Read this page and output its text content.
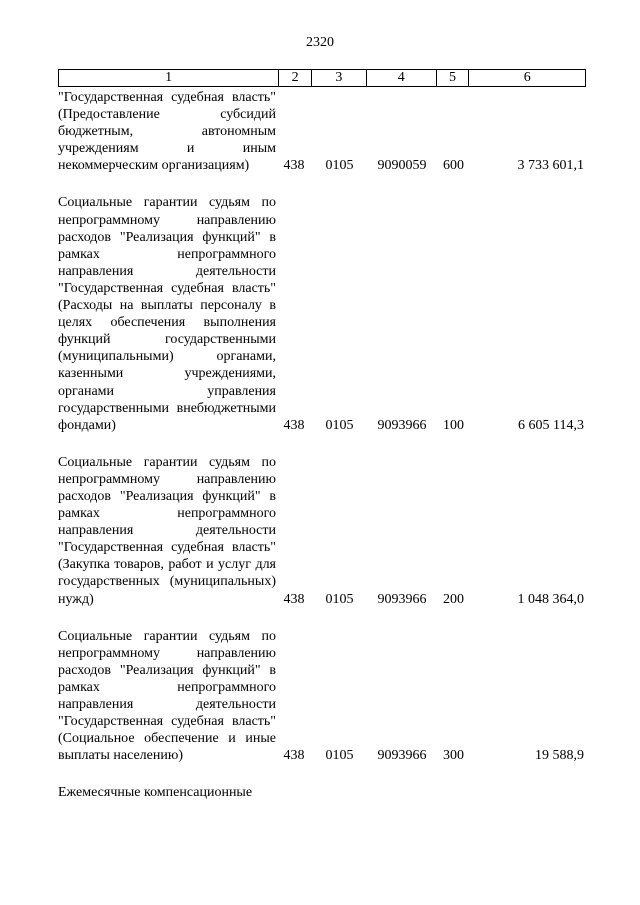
2320
1	2	3	4	5	6
"Государственная судебная власть" (Предоставление субсидий бюджетным, автономным учреждениям и иным некоммерческим организациям)	438	0105	9090059	600	3 733 601,1
Социальные гарантии судьям по непрограммному направлению расходов "Реализация функций" в рамках непрограммного направления деятельности "Государственная судебная власть" (Расходы на выплаты персоналу в целях обеспечения выполнения функций государственными (муниципальными) органами, казенными учреждениями, органами управления государственными внебюджетными фондами)	438	0105	9093966	100	6 605 114,3
Социальные гарантии судьям по непрограммному направлению расходов "Реализация функций" в рамках непрограммного направления деятельности "Государственная судебная власть" (Закупка товаров, работ и услуг для государственных (муниципальных) нужд)	438	0105	9093966	200	1 048 364,0
Социальные гарантии судьям по непрограммному направлению расходов "Реализация функций" в рамках непрограммного направления деятельности "Государственная судебная власть" (Социальное обеспечение и иные выплаты населению)	438	0105	9093966	300	19 588,9
Ежемесячные компенсационные
